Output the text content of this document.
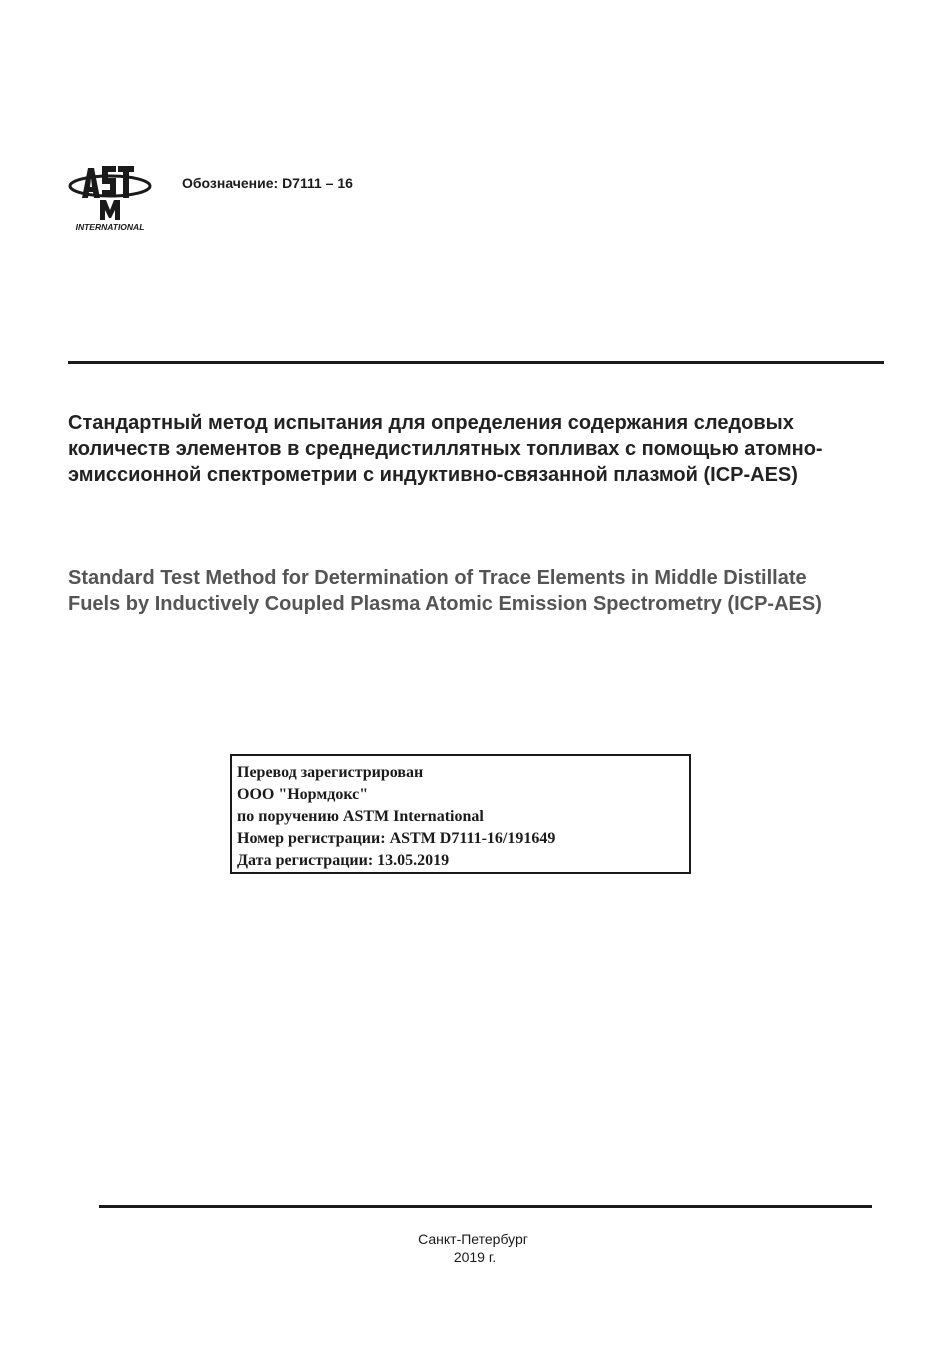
INTERNATIONAL
Обозначение: D7111 – 16
Стандартный метод испытания для определения содержания следовых количеств элементов в среднедистиллятных топливах с помощью атомно-эмиссионной спектрометрии с индуктивно-связанной плазмой (ICP-AES)
Standard Test Method for Determination of Trace Elements in Middle Distillate Fuels by Inductively Coupled Plasma Atomic Emission Spectrometry (ICP-AES)
Перевод зарегистрирован
ООО "Нормдокс"
по поручению ASTM International
Номер регистрации: ASTM D7111-16/191649
Дата регистрации: 13.05.2019
Санкт-Петербург
2019 г.
